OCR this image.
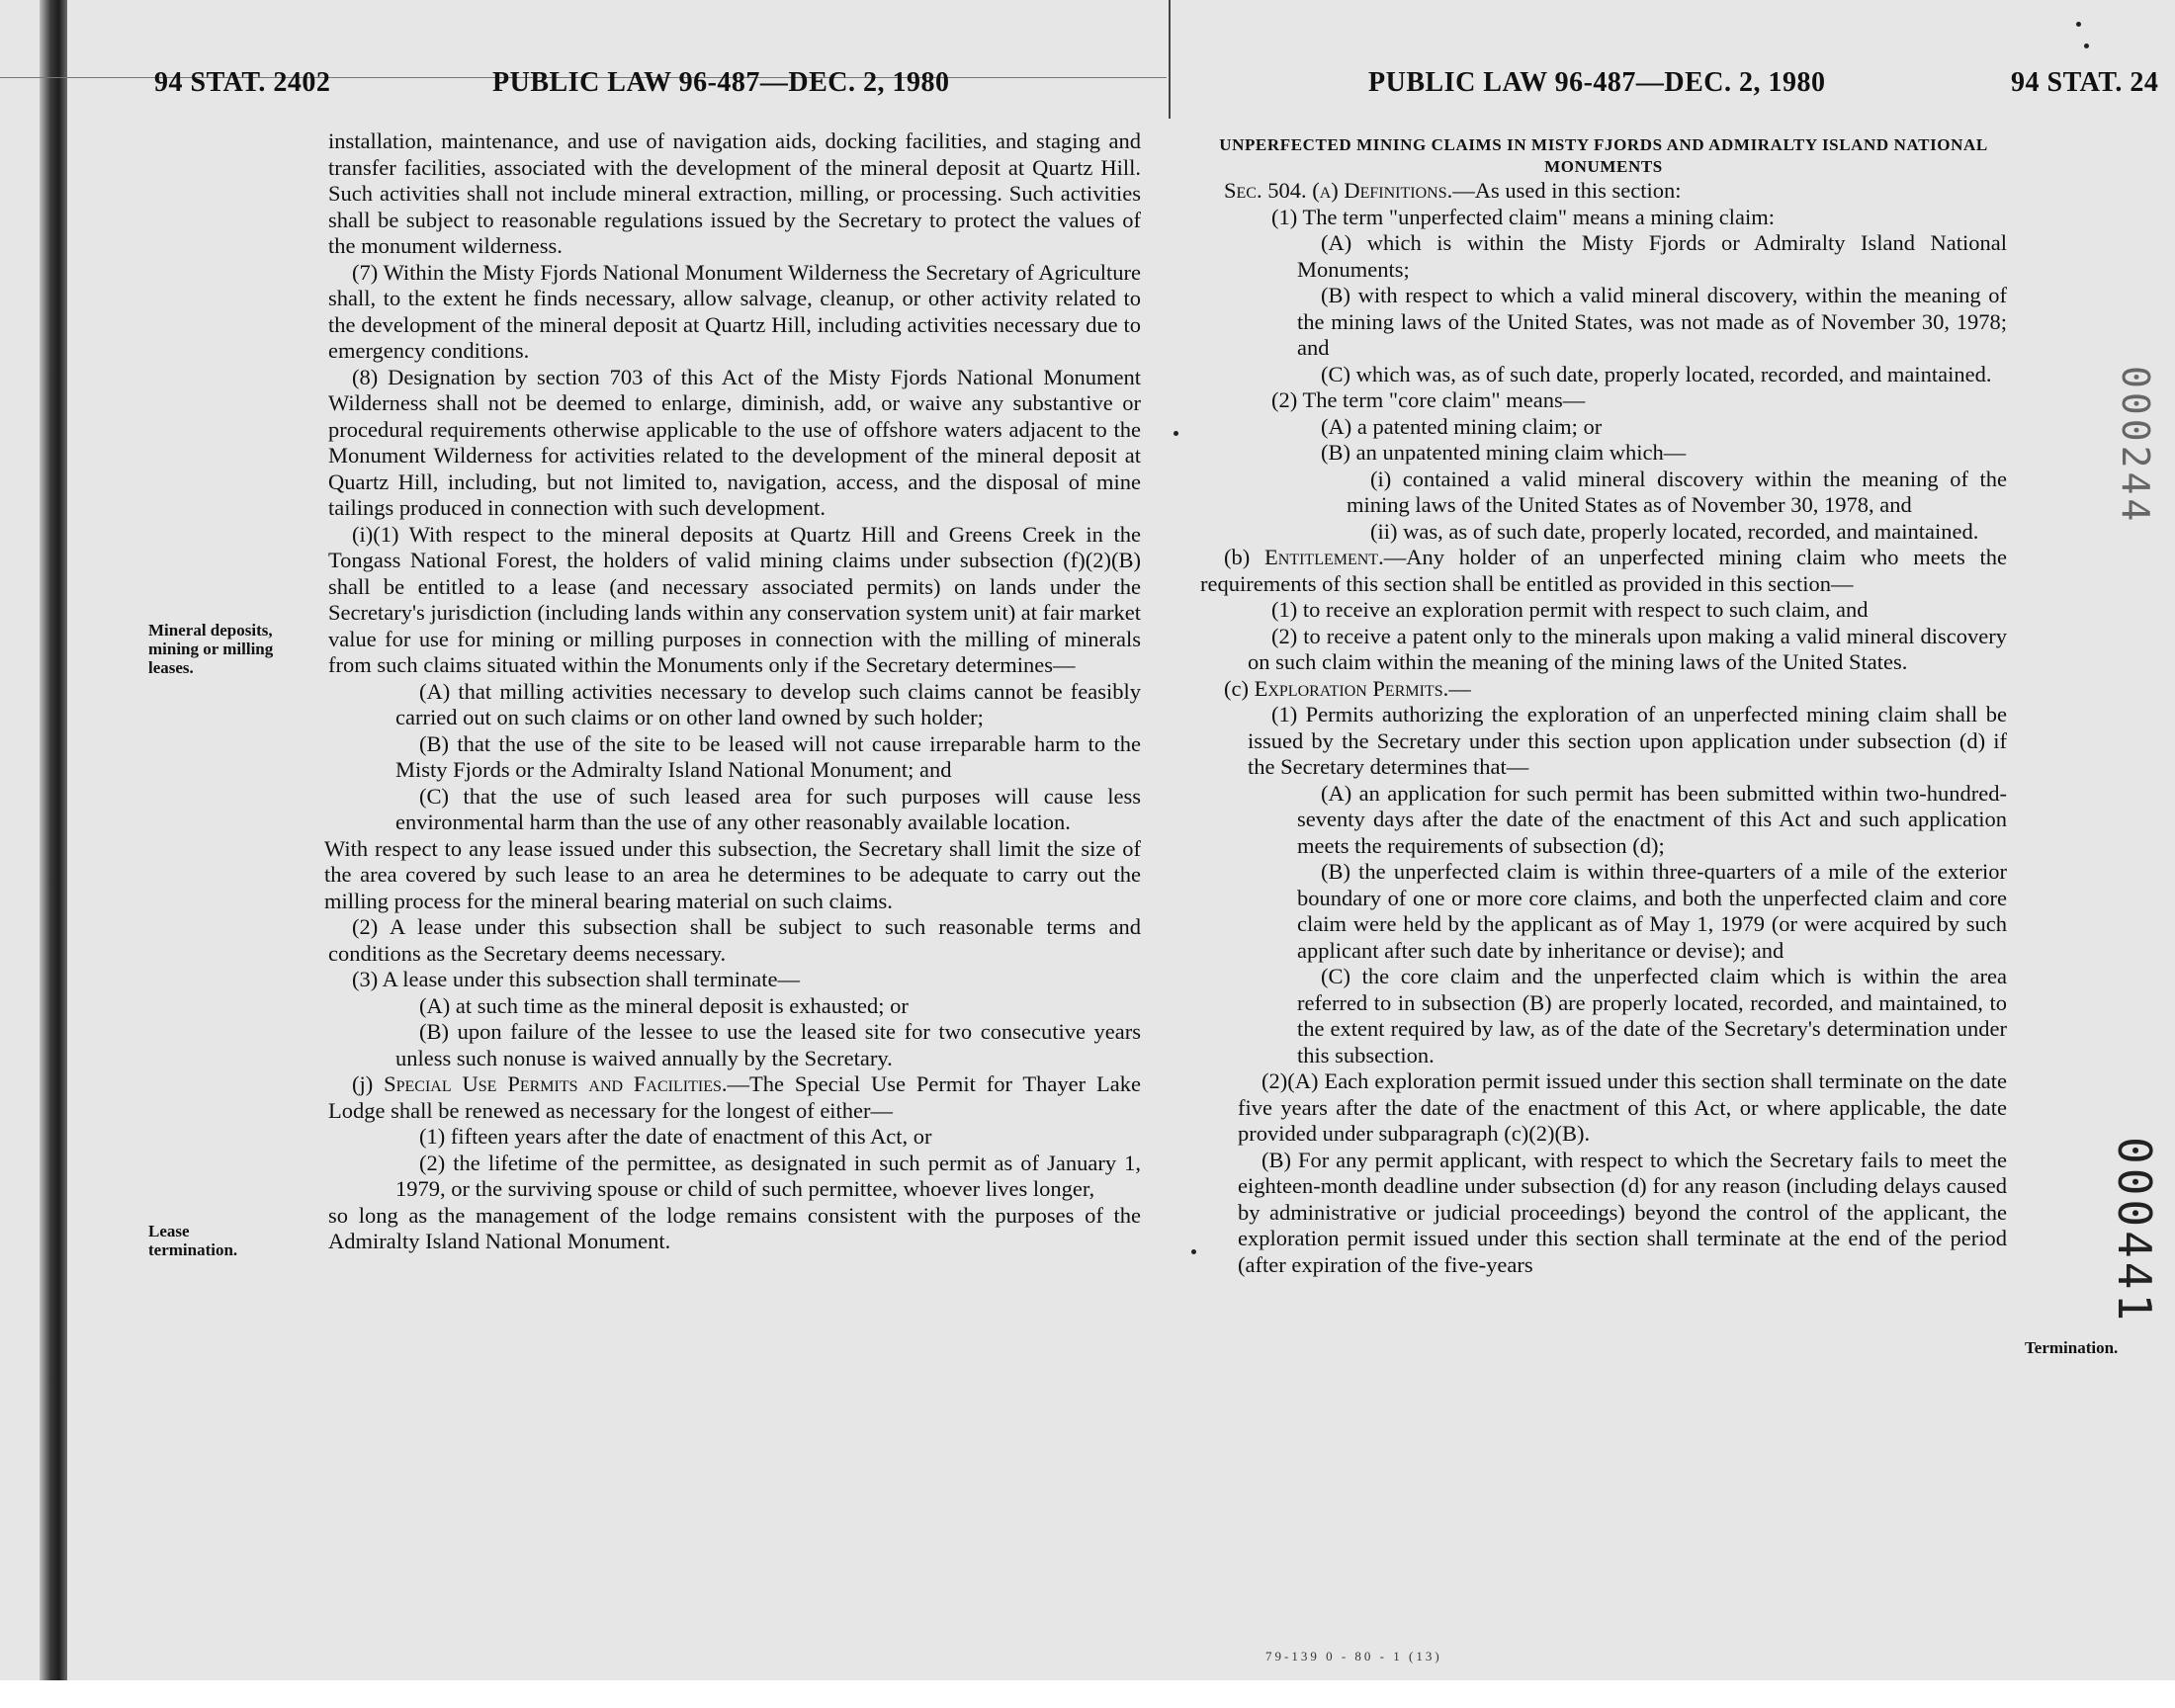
94 STAT. 2402	PUBLIC LAW 96-487—DEC. 2, 1980	PUBLIC LAW 96-487—DEC. 2, 1980	94 STAT. 24
Mineral deposits, mining or milling leases.
Lease termination.

installation, maintenance, and use of navigation aids, docking facilities, and staging and transfer facilities, associated with the development of the mineral deposit at Quartz Hill. Such activities shall not include mineral extraction, milling, or processing. Such activities shall be subject to reasonable regulations issued by the Secretary to protect the values of the monument wilderness.

(7) Within the Misty Fjords National Monument Wilderness the Secretary of Agriculture shall, to the extent he finds necessary, allow salvage, cleanup, or other activity related to the development of the mineral deposit at Quartz Hill, including activities necessary due to emergency conditions.

(8) Designation by section 703 of this Act of the Misty Fjords National Monument Wilderness shall not be deemed to enlarge, diminish, add, or waive any substantive or procedural requirements otherwise applicable to the use of offshore waters adjacent to the Monument Wilderness for activities related to the development of the mineral deposit at Quartz Hill, including, but not limited to, navigation, access, and the disposal of mine tailings produced in connection with such development.

(i)(1) With respect to the mineral deposits at Quartz Hill and Greens Creek in the Tongass National Forest, the holders of valid mining claims under subsection (f)(2)(B) shall be entitled to a lease (and necessary associated permits) on lands under the Secretary's jurisdiction (including lands within any conservation system unit) at fair market value for use for mining or milling purposes in connection with the milling of minerals from such claims situated within the Monuments only if the Secretary determines—

(A) that milling activities necessary to develop such claims cannot be feasibly carried out on such claims or on other land owned by such holder;

(B) that the use of the site to be leased will not cause irreparable harm to the Misty Fjords or the Admiralty Island National Monument; and

(C) that the use of such leased area for such purposes will cause less environmental harm than the use of any other reasonably available location.

With respect to any lease issued under this subsection, the Secretary shall limit the size of the area covered by such lease to an area he determines to be adequate to carry out the milling process for the mineral bearing material on such claims.

(2) A lease under this subsection shall be subject to such reasonable terms and conditions as the Secretary deems necessary.

(3) A lease under this subsection shall terminate—

(A) at such time as the mineral deposit is exhausted; or

(B) upon failure of the lessee to use the leased site for two consecutive years unless such nonuse is waived annually by the Secretary.

(j) Special Use Permits and Facilities.—The Special Use Permit for Thayer Lake Lodge shall be renewed as necessary for the longest of either—

(1) fifteen years after the date of enactment of this Act, or

(2) the lifetime of the permittee, as designated in such permit as of January 1, 1979, or the surviving spouse or child of such permittee, whoever lives longer,

so long as the management of the lodge remains consistent with the purposes of the Admiralty Island National Monument.

UNPERFECTED MINING CLAIMS IN MISTY FJORDS AND ADMIRALTY ISLAND NATIONAL MONUMENTS

Sec. 504. (a) Definitions.—As used in this section:

(1) The term "unperfected claim" means a mining claim:

(A) which is within the Misty Fjords or Admiralty Island National Monuments;

(B) with respect to which a valid mineral discovery, within the meaning of the mining laws of the United States, was not made as of November 30, 1978; and

(C) which was, as of such date, properly located, recorded, and maintained.

(2) The term "core claim" means—

(A) a patented mining claim; or

(B) an unpatented mining claim which—

(i) contained a valid mineral discovery within the meaning of the mining laws of the United States as of November 30, 1978, and

(ii) was, as of such date, properly located, recorded, and maintained.

(b) Entitlement.—Any holder of an unperfected mining claim who meets the requirements of this section shall be entitled as provided in this section—

(1) to receive an exploration permit with respect to such claim, and

(2) to receive a patent only to the minerals upon making a valid mineral discovery on such claim within the meaning of the mining laws of the United States.

(c) Exploration Permits.—

(1) Permits authorizing the exploration of an unperfected mining claim shall be issued by the Secretary under this section upon application under subsection (d) if the Secretary determines that—

(A) an application for such permit has been submitted within two-hundred-seventy days after the date of the enactment of this Act and such application meets the requirements of subsection (d);

(B) the unperfected claim is within three-quarters of a mile of the exterior boundary of one or more core claims, and both the unperfected claim and core claim were held by the applicant as of May 1, 1979 (or were acquired by such applicant after such date by inheritance or devise); and

(C) the core claim and the unperfected claim which is within the area referred to in subsection (B) are properly located, recorded, and maintained, to the extent required by law, as of the date of the Secretary's determination under this subsection.

(2)(A) Each exploration permit issued under this section shall terminate on the date five years after the date of the enactment of this Act, or where applicable, the date provided under subparagraph (c)(2)(B).

(B) For any permit applicant, with respect to which the Secretary fails to meet the eighteen-month deadline under subsection (d) for any reason (including delays caused by administrative or judicial proceedings) beyond the control of the applicant, the exploration permit issued under this section shall terminate at the end of the period (after expiration of the five-years

Termination.
000244
000441
79-139 0 - 80 - 1 (13)
